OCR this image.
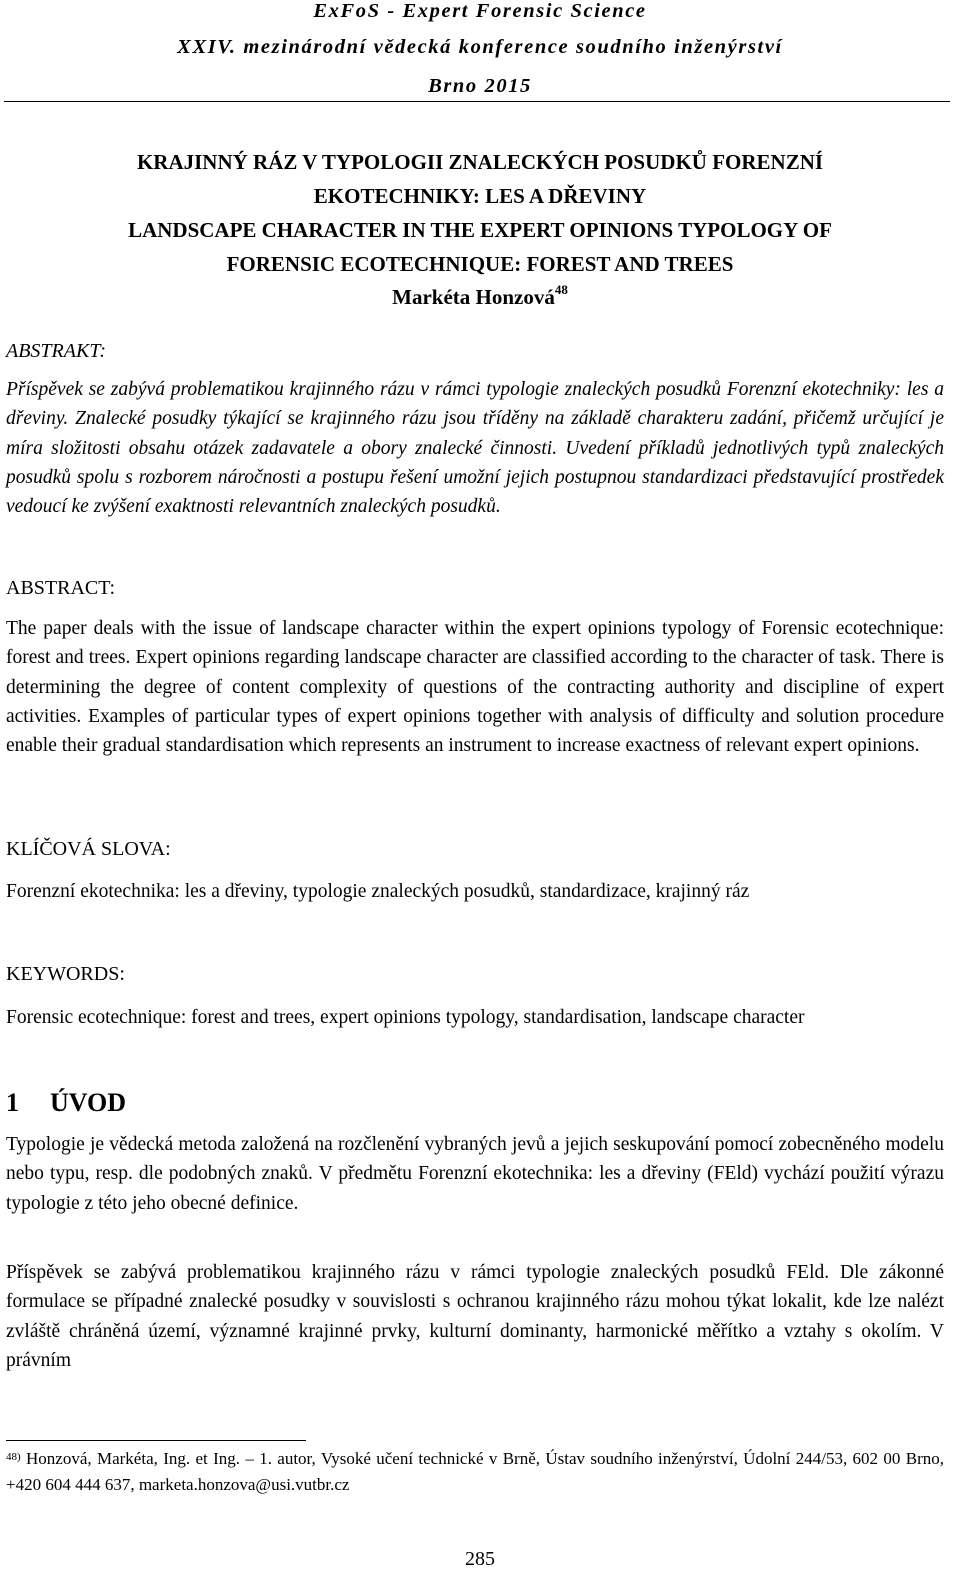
ExFoS - Expert Forensic Science
XXIV. mezinárodní vědecká konference soudního inženýrství
Brno 2015
KRAJINNÝ RÁZ V TYPOLOGII ZNALECKÝCH POSUDKŮ FORENZNÍ
EKOTECHNIKY: LES A DŘEVINY
LANDSCAPE CHARACTER IN THE EXPERT OPINIONS TYPOLOGY OF
FORENSIC ECOTECHNIQUE: FOREST AND TREES
Markéta Honzová$^{48}$
ABSTRAKT:

Příspěvek se zabývá problematikou krajinného rázu v rámci typologie znaleckých posudků Forenzní ekotechniky: les a dřeviny. Znalecké posudky týkající se krajinného rázu jsou tříděny na základě charakteru zadání, přičemž určující je míra složitosti obsahu otázek zadavatele a obory znalecké činnosti. Uvedení příkladů jednotlivých typů znaleckých posudků spolu s rozborem náročnosti a postupu řešení umožní jejich postupnou standardizaci představující prostředek vedoucí ke zvýšení exaktnosti relevantních znaleckých posudků.

ABSTRACT:

The paper deals with the issue of landscape character within the expert opinions typology of Forensic ecotechnique: forest and trees. Expert opinions regarding landscape character are classified according to the character of task. There is determining the degree of content complexity of questions of the contracting authority and discipline of expert activities. Examples of particular types of expert opinions together with analysis of difficulty and solution procedure enable their gradual standardisation which represents an instrument to increase exactness of relevant expert opinions.

KLÍČOVÁ SLOVA:

Forenzní ekotechnika: les a dřeviny, typologie znaleckých posudků, standardizace, krajinný ráz

KEYWORDS:

Forensic ecotechnique: forest and trees, expert opinions typology, standardisation, landscape character

1 ÚVOD

Typologie je vědecká metoda založená na rozčlenění vybraných jevů a jejich seskupování pomocí zobecněného modelu nebo typu, resp. dle podobných znaků. V předmětu Forenzní ekotechnika: les a dřeviny (FEld) vychází použití výrazu typologie z této jeho obecné definice.

Příspěvek se zabývá problematikou krajinného rázu v rámci typologie znaleckých posudků FEld. Dle zákonné formulace se případné znalecké posudky v souvislosti s ochranou krajinného rázu mohou týkat lokalit, kde lze nalézt zvláště chráněná území, významné krajinné prvky, kulturní dominanty, harmonické měřítko a vztahy s okolím. V právním

$^{48)}$ Honzová, Markéta, Ing. et Ing. – 1. autor, Vysoké učení technické v Brně, Ústav soudního inženýrství, Údolní 244/53, 602 00 Brno, +420 604 444 637, marketa.honzova@usi.vutbr.cz
285
